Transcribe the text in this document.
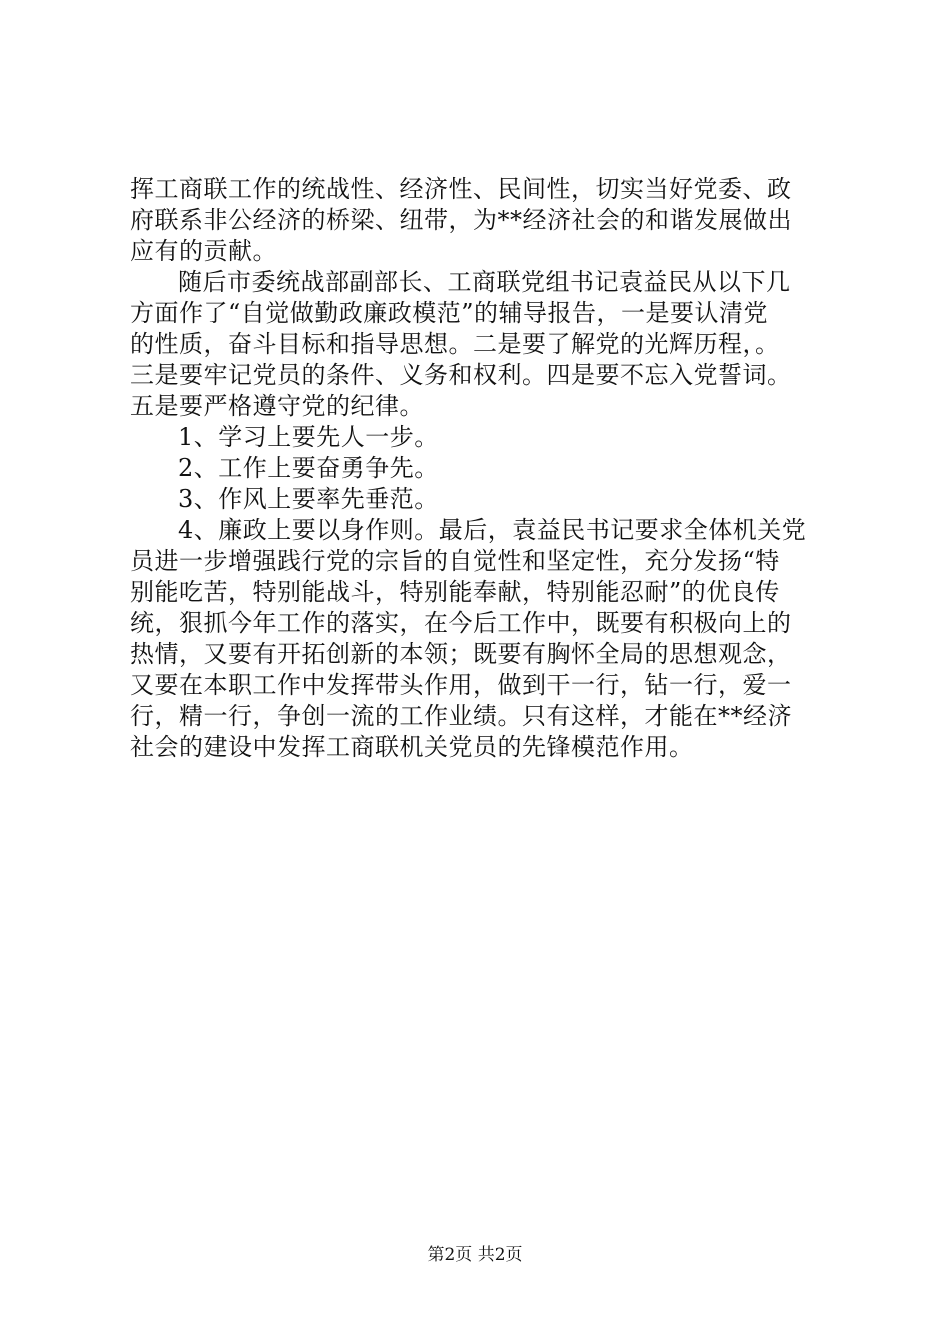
挥工商联工作的统战性、经济性、民间性，切实当好党委、政
府联系非公经济的桥梁、纽带，为**经济社会的和谐发展做出
应有的贡献。
随后市委统战部副部长、工商联党组书记袁益民从以下几
方面作了“自觉做勤政廉政模范”的辅导报告，一是要认清党
的性质，奋斗目标和指导思想。二是要了解党的光辉历程，。
三是要牢记党员的条件、义务和权利。四是要不忘入党誓词。
五是要严格遵守党的纪律。
1、学习上要先人一步。
2、工作上要奋勇争先。
3、作风上要率先垂范。
4、廉政上要以身作则。最后，袁益民书记要求全体机关党
员进一步增强践行党的宗旨的自觉性和坚定性，充分发扬“特
别能吃苦，特别能战斗，特别能奉献，特别能忍耐”的优良传
统，狠抓今年工作的落实，在今后工作中，既要有积极向上的
热情，又要有开拓创新的本领；既要有胸怀全局的思想观念，
又要在本职工作中发挥带头作用，做到干一行，钻一行，爱一
行，精一行，争创一流的工作业绩。只有这样，才能在**经济
社会的建设中发挥工商联机关党员的先锋模范作用。
第2页 共2页
